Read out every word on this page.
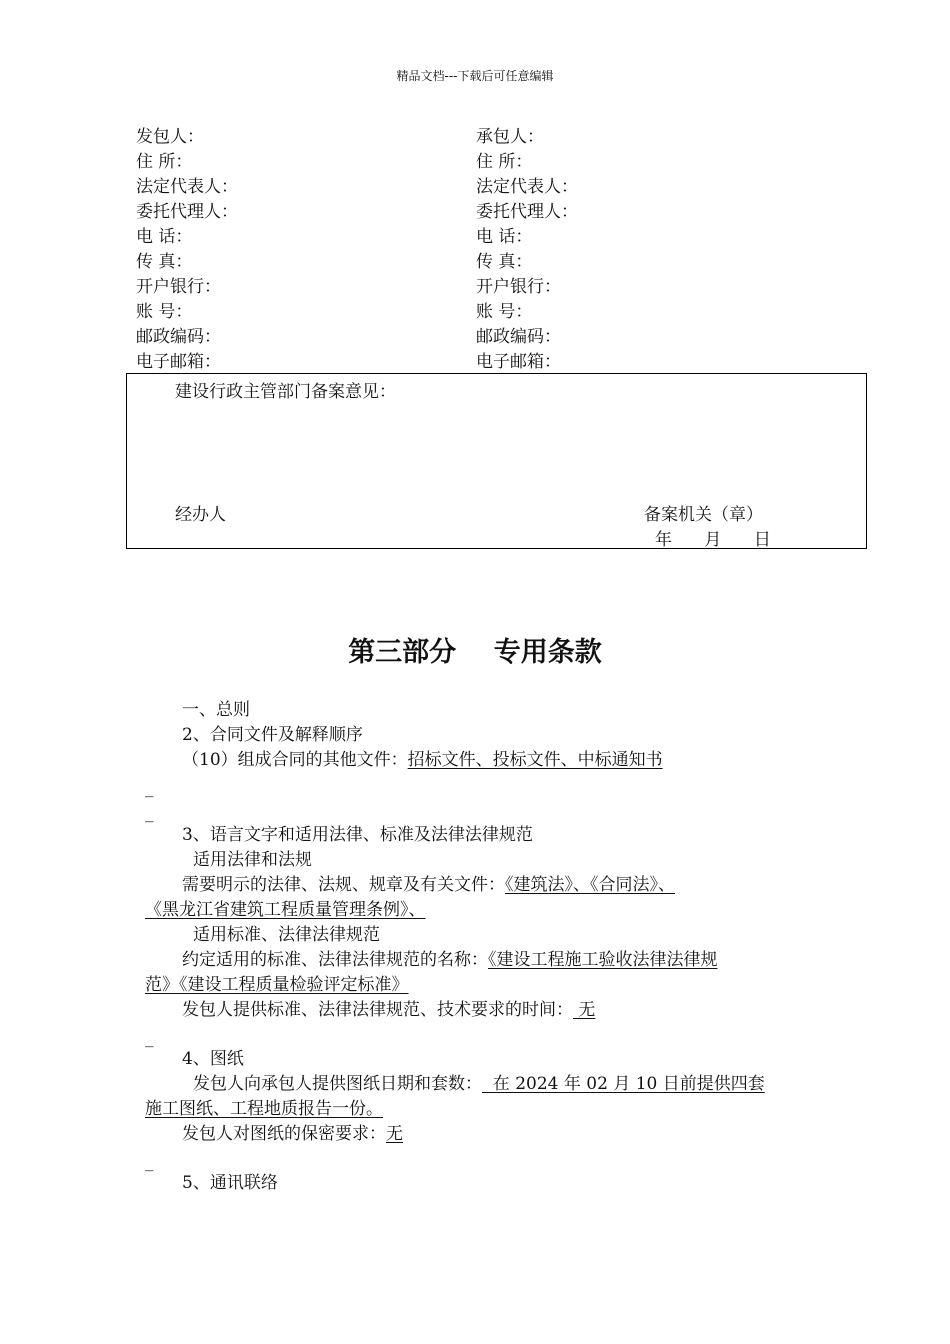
精品文档---下载后可任意编辑
发包人：
住 所：
法定代表人：
委托代理人：
电 话：
传 真：
开户银行：
账 号：
邮政编码：
电子邮箱：
承包人：
住 所：
法定代表人：
委托代理人：
电 话：
传 真：
开户银行：
账 号：
邮政编码：
电子邮箱：
建设行政主管部门备案意见：
经办人	备案机关（章）
年      月      日
第三部分    专用条款
一、总则
2、合同文件及解释顺序
（10）组成合同的其他文件：招标文件、投标文件、中标通知书
_
_
3、语言文字和适用法律、标准及法律法律规范
适用法律和法规
需要明示的法律、法规、规章及有关文件：《建筑法》、《合同法》、
《黑龙江省建筑工程质量管理条例》、
适用标准、法律法律规范
约定适用的标准、法律法律规范的名称：《建设工程施工验收法律法律规
范》《建设工程质量检验评定标准》
发包人提供标准、法律法律规范、技术要求的时间： 无
_
4、图纸
发包人向承包人提供图纸日期和套数：  在 2024 年 02 月 10 日前提供四套
施工图纸、工程地质报告一份。
发包人对图纸的保密要求：无
_
5、通讯联络
